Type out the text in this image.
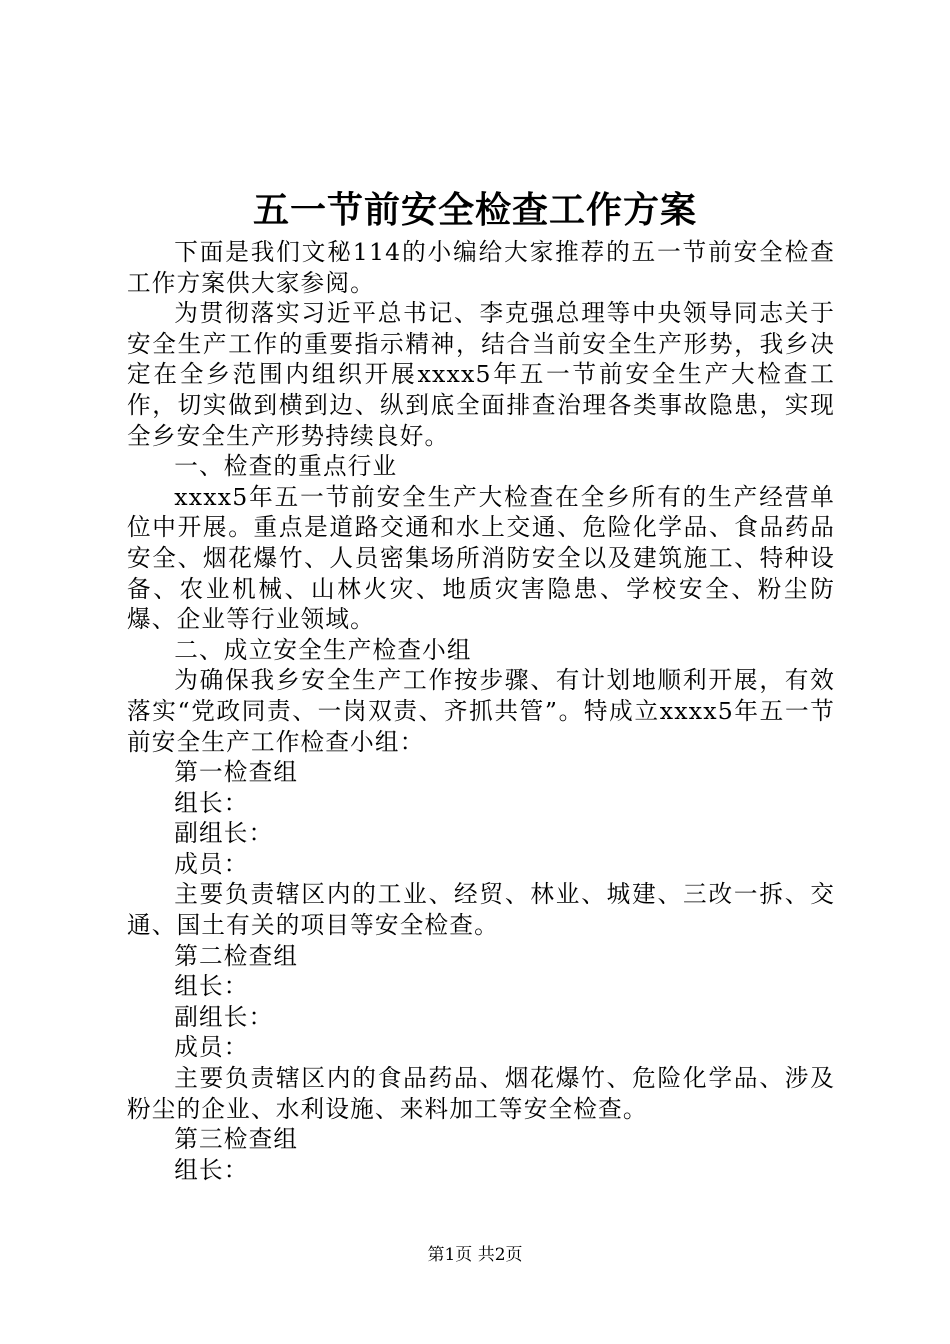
五一节前安全检查工作方案

下面是我们文秘114的小编给大家推荐的五一节前安全检查工作方案供大家参阅。

为贯彻落实习近平总书记、李克强总理等中央领导同志关于安全生产工作的重要指示精神，结合当前安全生产形势，我乡决定在全乡范围内组织开展xxxx5年五一节前安全生产大检查工作，切实做到横到边、纵到底全面排查治理各类事故隐患，实现全乡安全生产形势持续良好。

一、检查的重点行业

xxxx5年五一节前安全生产大检查在全乡所有的生产经营单位中开展。重点是道路交通和水上交通、危险化学品、食品药品安全、烟花爆竹、人员密集场所消防安全以及建筑施工、特种设备、农业机械、山林火灾、地质灾害隐患、学校安全、粉尘防爆、企业等行业领域。

二、成立安全生产检查小组

为确保我乡安全生产工作按步骤、有计划地顺利开展，有效落实“党政同责、一岗双责、齐抓共管”。特成立xxxx5年五一节前安全生产工作检查小组：

第一检查组

组长：

副组长：

成员：

主要负责辖区内的工业、经贸、林业、城建、三改一拆、交通、国土有关的项目等安全检查。

第二检查组

组长：

副组长：

成员：

主要负责辖区内的食品药品、烟花爆竹、危险化学品、涉及粉尘的企业、水利设施、来料加工等安全检查。

第三检查组

组长：

第1页 共2页
